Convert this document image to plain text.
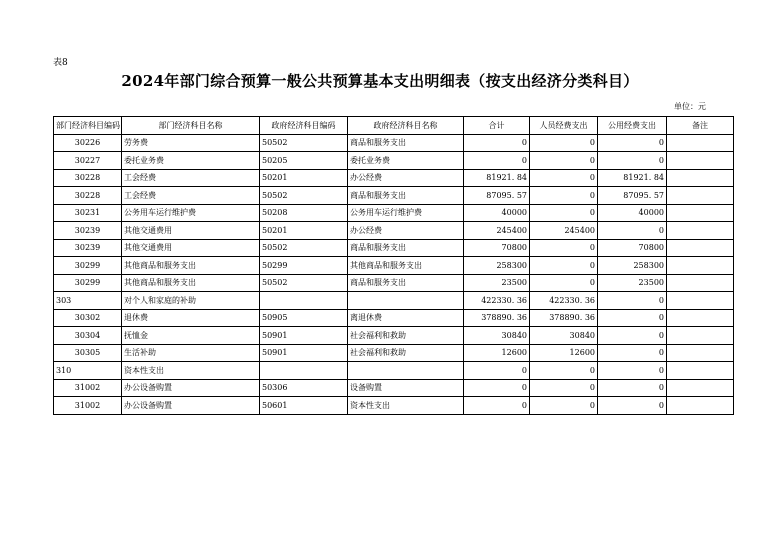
表8
2024年部门综合预算一般公共预算基本支出明细表（按支出经济分类科目）
单位：元
部门经济科目编码	部门经济科目名称	政府经济科目编码	政府经济科目名称	合计	人员经费支出	公用经费支出	备注
30226	劳务费	50502	商品和服务支出	0	0	0	
30227	委托业务费	50205	委托业务费	0	0	0	
30228	工会经费	50201	办公经费	81921. 84	0	81921. 84	
30228	工会经费	50502	商品和服务支出	87095. 57	0	87095. 57	
30231	公务用车运行维护费	50208	公务用车运行维护费	40000	0	40000	
30239	其他交通费用	50201	办公经费	245400	245400	0	
30239	其他交通费用	50502	商品和服务支出	70800	0	70800	
30299	其他商品和服务支出	50299	其他商品和服务支出	258300	0	258300	
30299	其他商品和服务支出	50502	商品和服务支出	23500	0	23500	
303	对个人和家庭的补助			422330. 36	422330. 36	0	
30302	退休费	50905	离退休费	378890. 36	378890. 36	0	
30304	抚恤金	50901	社会福利和救助	30840	30840	0	
30305	生活补助	50901	社会福利和救助	12600	12600	0	
310	资本性支出			0	0	0	
31002	办公设备购置	50306	设备购置	0	0	0	
31002	办公设备购置	50601	资本性支出	0	0	0	
